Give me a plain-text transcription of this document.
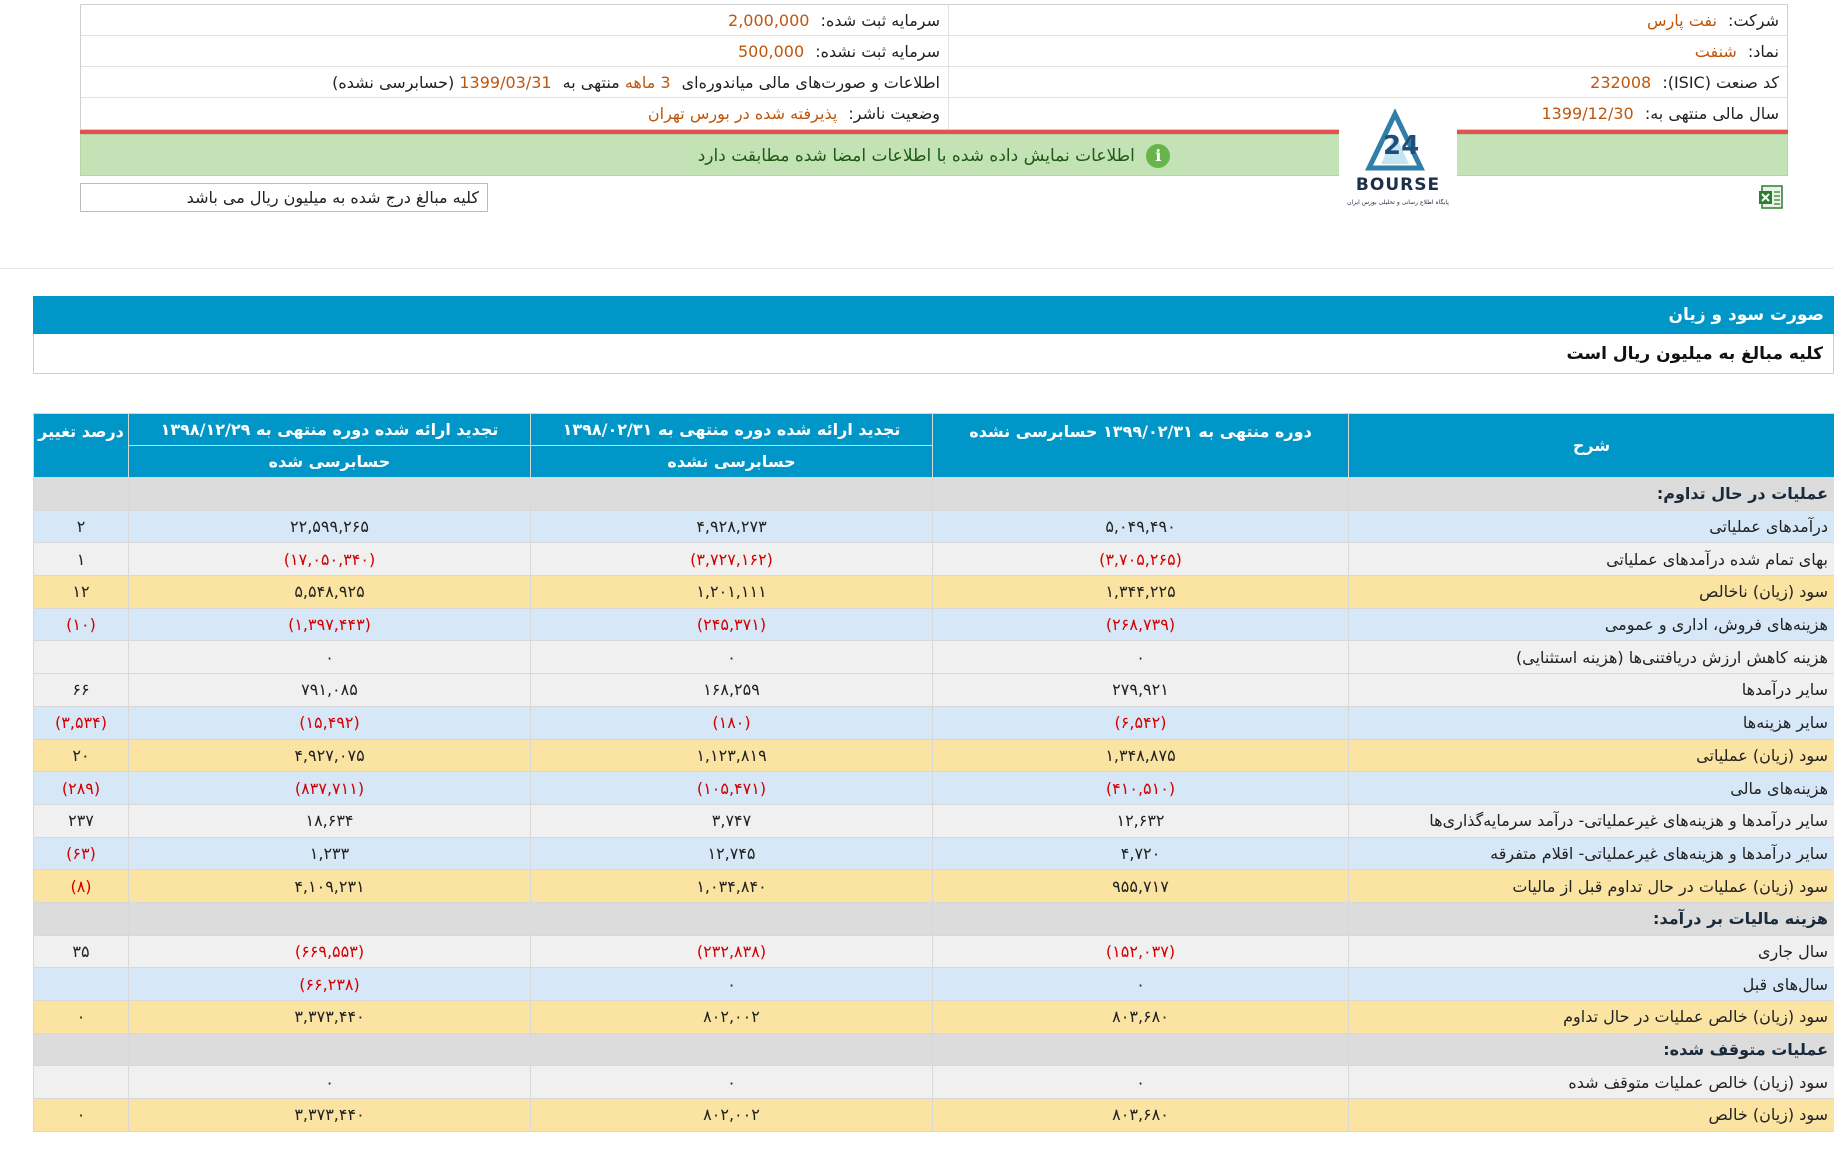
شرکت: نفت پارس
سرمایه ثبت شده: 2,000,000
نماد: شنفت
سرمایه ثبت نشده: 500,000
کد صنعت (ISIC): 232008
اطلاعات و صورت‌های مالی میاندوره‌ای 3 ماهه منتهی به 1399/03/31 (حسابرسی نشده)
سال مالی منتهی به: 1399/12/30
وضعیت ناشر: پذیرفته شده در بورس تهران
i اطلاعات نمایش داده شده با اطلاعات امضا شده مطابقت دارد	24
BOURSE
پایگاه اطلاع رسانی و تحلیلی بورس ایران
کلیه مبالغ درج شده به میلیون ریال می باشد
صورت سود و زیان
کلیه مبالغ به میلیون ریال است
شرح	دوره منتهی به ۱۳۹۹/۰۲/۳۱ حسابرسی نشده	تجدید ارائه شده دوره منتهی به ۱۳۹۸/۰۲/۳۱	تجدید ارائه شده دوره منتهی به ۱۳۹۸/۱۲/۲۹	درصد تغییر
		حسابرسی نشده	حسابرسی شده	
عملیات در حال تداوم:				
درآمدهای عملیاتی	۵,۰۴۹,۴۹۰	۴,۹۲۸,۲۷۳	۲۲,۵۹۹,۲۶۵	۲
بهای تمام شده درآمدهای عملیاتی	(۳,۷۰۵,۲۶۵)	(۳,۷۲۷,۱۶۲)	(۱۷,۰۵۰,۳۴۰)	۱
سود (زیان) ناخالص	۱,۳۴۴,۲۲۵	۱,۲۰۱,۱۱۱	۵,۵۴۸,۹۲۵	۱۲
هزینه‌های فروش، اداری و عمومی	(۲۶۸,۷۳۹)	(۲۴۵,۳۷۱)	(۱,۳۹۷,۴۴۳)	(۱۰)
هزینه کاهش ارزش دریافتنی‌ها (هزینه استثنایی)	۰	۰	۰	
سایر درآمدها	۲۷۹,۹۲۱	۱۶۸,۲۵۹	۷۹۱,۰۸۵	۶۶
سایر هزینه‌ها	(۶,۵۴۲)	(۱۸۰)	(۱۵,۴۹۲)	(۳,۵۳۴)
سود (زیان) عملیاتی	۱,۳۴۸,۸۷۵	۱,۱۲۳,۸۱۹	۴,۹۲۷,۰۷۵	۲۰
هزینه‌های مالی	(۴۱۰,۵۱۰)	(۱۰۵,۴۷۱)	(۸۳۷,۷۱۱)	(۲۸۹)
سایر درآمدها و هزینه‌های غیرعملیاتی- درآمد سرمایه‌گذاری‌ها	۱۲,۶۳۲	۳,۷۴۷	۱۸,۶۳۴	۲۳۷
سایر درآمدها و هزینه‌های غیرعملیاتی- اقلام متفرقه	۴,۷۲۰	۱۲,۷۴۵	۱,۲۳۳	(۶۳)
سود (زیان) عملیات در حال تداوم قبل از مالیات	۹۵۵,۷۱۷	۱,۰۳۴,۸۴۰	۴,۱۰۹,۲۳۱	(۸)
هزینه مالیات بر درآمد:				
سال جاری	(۱۵۲,۰۳۷)	(۲۳۲,۸۳۸)	(۶۶۹,۵۵۳)	۳۵
سال‌های قبل	۰	۰	(۶۶,۲۳۸)	
سود (زیان) خالص عملیات در حال تداوم	۸۰۳,۶۸۰	۸۰۲,۰۰۲	۳,۳۷۳,۴۴۰	۰
عملیات متوقف شده:				
سود (زیان) خالص عملیات متوقف شده	۰	۰	۰	
سود (زیان) خالص	۸۰۳,۶۸۰	۸۰۲,۰۰۲	۳,۳۷۳,۴۴۰	۰
